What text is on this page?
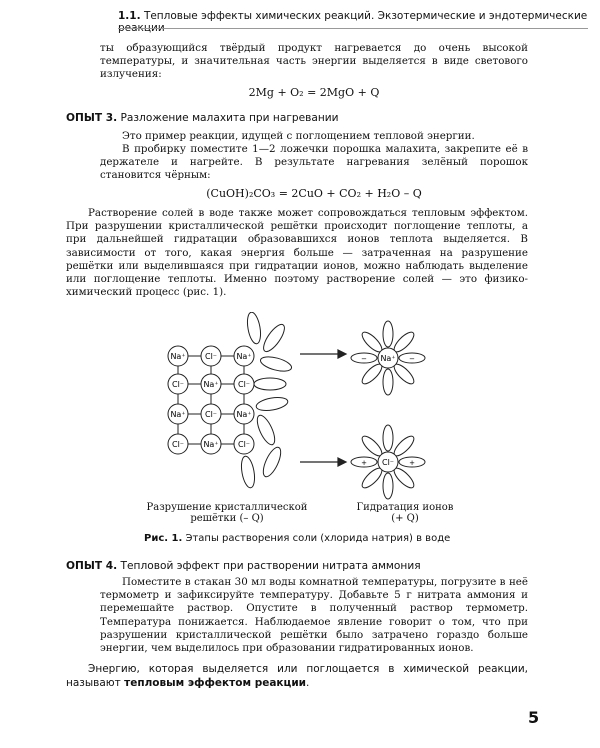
1.1. Тепловые эффекты химических реакций. Экзотермические и эндотермические реакции
ты образующийся твёрдый продукт нагревается до очень высокой температуры, и значительная часть энергии выделяется в виде светового излучения:
2Mg + O₂ = 2MgO + Q
ОПЫТ 3. Разложение малахита при нагревании
Это пример реакции, идущей с поглощением тепловой энергии.
В пробирку поместите 1—2 ложечки порошка малахита, закрепите её в держателе и нагрейте. В результате нагревания зелёный порошок становится чёрным:
(CuOH)₂CO₃ = 2CuO + CO₂ + H₂O – Q
Растворение солей в воде также может сопровождаться тепловым эффектом. При разрушении кристаллической решётки происходит поглощение теплоты, а при дальнейшей гидратации образовавшихся ионов теплота выделяется. В зависимости от того, какая энергия больше — затраченная на разрушение решётки или выделившаяся при гидратации ионов, можно наблюдать выделение или поглощение теплоты. Именно поэтому растворение солей — это физико-химический процесс (рис. 1).
Na⁺ Cl⁻ Na⁺
Cl⁻ Na⁺ Cl⁻
Na⁺ Cl⁻ Na⁺
Cl⁻ Na⁺ Cl⁻
Na⁺
Cl⁻
−	−
+	+
Разрушение кристаллической решётки (– Q)
Гидратация ионов (+ Q)
Рис. 1. Этапы растворения соли (хлорида натрия) в воде
ОПЫТ 4. Тепловой эффект при растворении нитрата аммония
Поместите в стакан 30 мл воды комнатной температуры, погрузите в неё термометр и зафиксируйте температуру. Добавьте 5 г нитрата аммония и перемешайте раствор. Опустите в полученный раствор термометр. Температура понижается. Наблюдаемое явление говорит о том, что при разрушении кристаллической решётки было затрачено гораздо больше энергии, чем выделилось при образовании гидратированных ионов.
Энергию, которая выделяется или поглощается в химической реакции, называют тепловым эффектом реакции.
5
